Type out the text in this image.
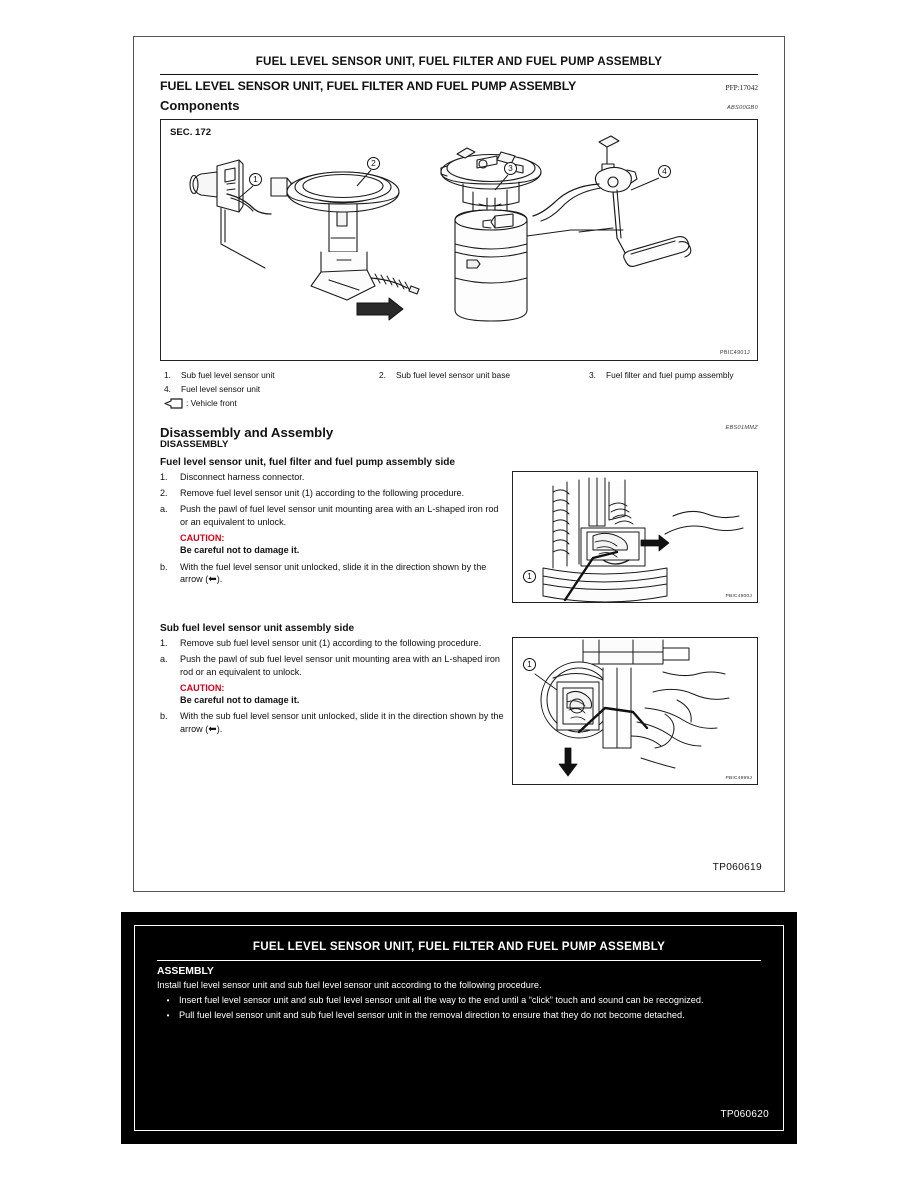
FUEL LEVEL SENSOR UNIT, FUEL FILTER AND FUEL PUMP ASSEMBLY
FUEL LEVEL SENSOR UNIT, FUEL FILTER AND FUEL PUMP ASSEMBLY	PFP:17042
Components	ABS00GB0
SEC. 172
PBIC4901J
1
2	3	4
1.	Sub fuel level sensor unit	2.	Sub fuel level sensor unit base	3.	Fuel filter and fuel pump assembly
4.	Fuel level sensor unit
: Vehicle front
Disassembly and Assembly
DISASSEMBLY
EBS01MMZ
Fuel level sensor unit, fuel filter and fuel pump assembly side
1.	Disconnect harness connector.
2.	Remove fuel level sensor unit (1) according to the following procedure.
a.	Push the pawl of fuel level sensor unit mounting area with an L-shaped iron rod or an equivalent to unlock.
CAUTION:
Be careful not to damage it.
b.	With the fuel level sensor unit unlocked, slide it in the direction shown by the arrow (⬅).
PBIC4900J
1
Sub fuel level sensor unit assembly side
1.	Remove sub fuel level sensor unit (1) according to the following procedure.
a.	Push the pawl of sub fuel level sensor unit mounting area with an L-shaped iron rod or an equivalent to unlock.
CAUTION:
Be careful not to damage it.
b.	With the sub fuel level sensor unit unlocked, slide it in the direction shown by the arrow (⬅).
PBIC4899J
1
TP060619
FUEL LEVEL SENSOR UNIT, FUEL FILTER AND FUEL PUMP ASSEMBLY
ASSEMBLY
Install fuel level sensor unit and sub fuel level sensor unit according to the following procedure.
•	Insert fuel level sensor unit and sub fuel level sensor unit all the way to the end until a “click” touch and sound can be recognized.
•	Pull fuel level sensor unit and sub fuel level sensor unit in the removal direction to ensure that they do not become detached.
TP060620
